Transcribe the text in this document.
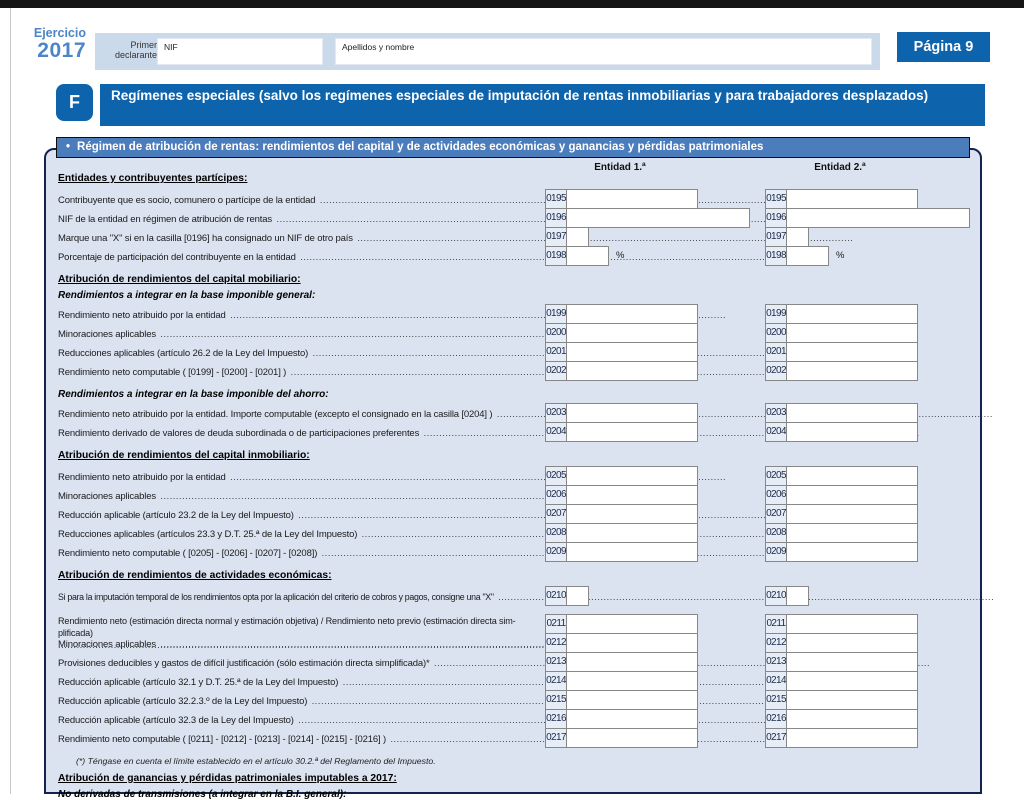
Ejercicio
2017	Primer declarante
NIF	Apellidos y nombre	Página 9
F	Regímenes especiales (salvo los regímenes especiales de imputación de rentas inmobiliarias y para trabajadores desplazados)
• Régimen de atribución de rentas: rendimientos del capital y de actividades económicas y ganancias y pérdidas patrimoniales
Entidad 1.ª	Entidad 2.ª
Entidades y contribuyentes partícipes:
Contribuyente que es socio, comunero o partícipe de la entidad .....	0195	0195
NIF de la entidad en régimen de atribución de rentas .....	0196	0196
Marque una "X" si en la casilla [0196] ha consignado un NIF de otro país .....	0197	0197
Porcentaje de participación del contribuyente en la entidad .....	0198	%	0198	%
Atribución de rendimientos del capital mobiliario:
Rendimientos a integrar en la base imponible general:
Rendimiento neto atribuido por la entidad .....	0199	0199
Minoraciones aplicables .....	0200	0200
Reducciones aplicables (artículo 26.2 de la Ley del Impuesto) .....	0201	0201
Rendimiento neto computable ( [0199] - [0200] - [0201] ) .....	0202	0202
Rendimientos a integrar en la base imponible del ahorro:
Rendimiento neto atribuido por la entidad. Importe computable (excepto el consignado en la casilla [0204] ) .....	0203	0203
Rendimiento derivado de valores de deuda subordinada o de participaciones preferentes .....	0204	0204
Atribución de rendimientos del capital inmobiliario:
Rendimiento neto atribuido por la entidad .....	0205	0205
Minoraciones aplicables .....	0206	0206
Reducción aplicable (artículo 23.2 de la Ley del Impuesto) .....	0207	0207
Reducciones aplicables (artículos 23.3 y D.T. 25.ª de la Ley del Impuesto) .....	0208	0208
Rendimiento neto computable ( [0205] - [0206] - [0207] - [0208]) .....	0209	0209
Atribución de rendimientos de actividades económicas:
Si para la imputación temporal de los rendimientos opta por la aplicación del criterio de cobros y pagos, consigne una "X" .....	0210	0210
Rendimiento neto (estimación directa normal y estimación objetiva) / Rendimiento neto previo (estimación directa sim- plificada) .....
0211	0211
Minoraciones aplicables .....	0212	0212
Provisiones deducibles y gastos de difícil justificación (sólo estimación directa simplificada)* .....	0213	0213
Reducción aplicable (artículo 32.1 y D.T. 25.ª de la Ley del Impuesto) .....	0214	0214
Reducción aplicable (artículo 32.2.3.º de la Ley del Impuesto) .....	0215	0215
Reducción aplicable (artículo 32.3 de la Ley del Impuesto) .....	0216	0216
Rendimiento neto computable ( [0211] - [0212] - [0213] - [0214] - [0215] - [0216] ) .....	0217	0217
(*) Téngase en cuenta el límite establecido en el artículo 30.2.ª del Reglamento del Impuesto.
Atribución de ganancias y pérdidas patrimoniales imputables a 2017:
No derivadas de transmisiones (a integrar en la B.I. general):
